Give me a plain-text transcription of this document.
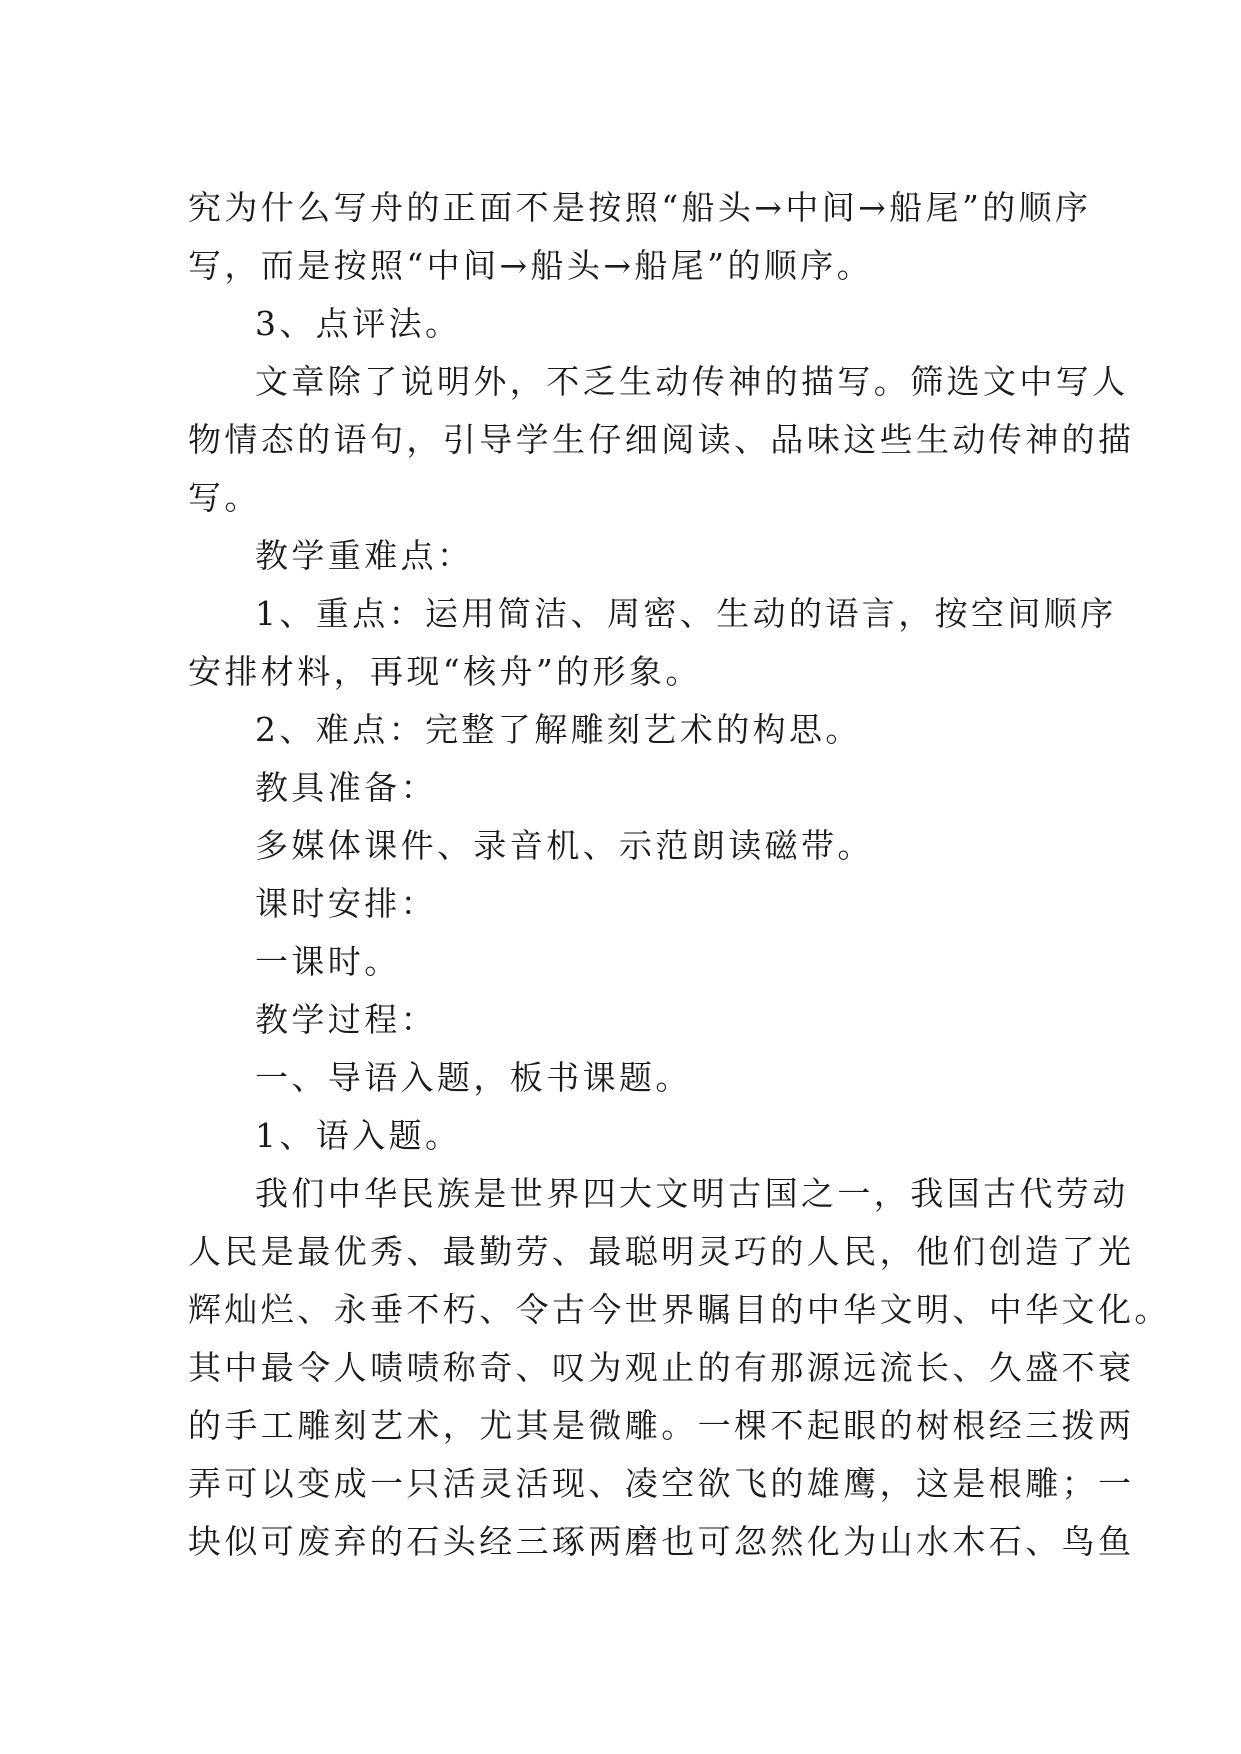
究为什么写舟的正面不是按照“船头→中间→船尾”的顺序

写，而是按照“中间→船头→船尾”的顺序。

3、点评法。

文章除了说明外，不乏生动传神的描写。筛选文中写人

物情态的语句，引导学生仔细阅读、品味这些生动传神的描

写。

教学重难点：

1、重点：运用简洁、周密、生动的语言，按空间顺序

安排材料，再现“核舟”的形象。

2、难点：完整了解雕刻艺术的构思。

教具准备：

多媒体课件、录音机、示范朗读磁带。

课时安排：

一课时。

教学过程：

一、导语入题，板书课题。

1、语入题。

我们中华民族是世界四大文明古国之一，我国古代劳动

人民是最优秀、最勤劳、最聪明灵巧的人民，他们创造了光

辉灿烂、永垂不朽、令古今世界瞩目的中华文明、中华文化。

其中最令人啧啧称奇、叹为观止的有那源远流长、久盛不衰

的手工雕刻艺术，尤其是微雕。一棵不起眼的树根经三拨两

弄可以变成一只活灵活现、凌空欲飞的雄鹰，这是根雕；一

块似可废弃的石头经三琢两磨也可忽然化为山水木石、鸟鱼
